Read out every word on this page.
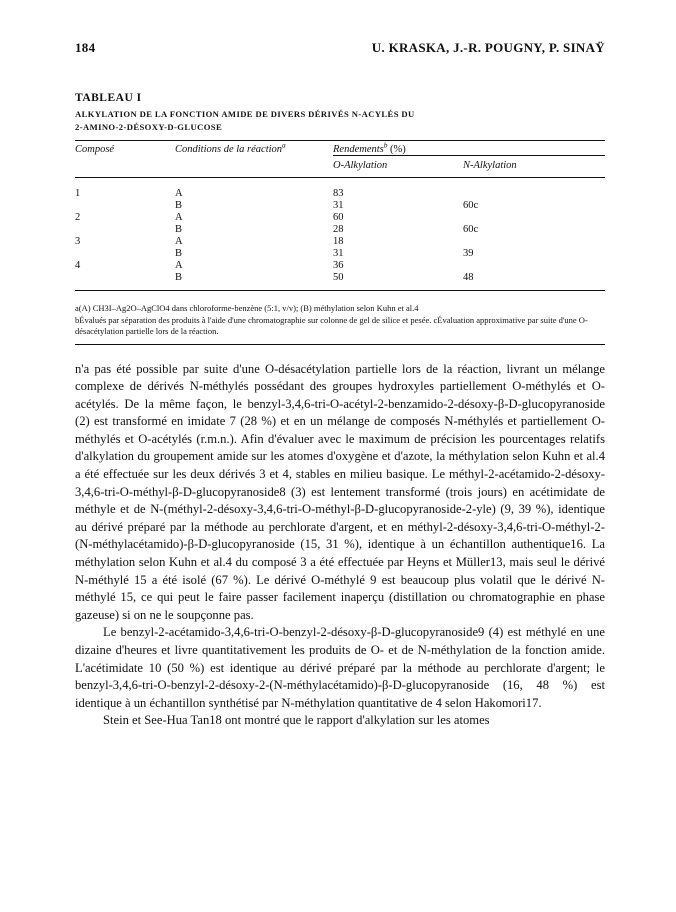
184	U. KRASKA, J.-R. POUGNY, P. SINAŸ
TABLEAU I
ALKYLATION DE LA FONCTION AMIDE DE DIVERS DÉRIVÉS N-ACYLÉS DU
2-AMINO-2-DÉSOXY-D-GLUCOSE
Composé	Conditions de la réaction$^a$	Rendements$^b$ (%)	
		O-Alkylation	N-Alkylation

1	A	83	
	B	31	60c
2	A	60	
	B	28	60c
3	A	18	
	B	31	39
4	A	36	
	B	50	48
a(A) CH3I–Ag2O–AgClO4 dans chloroforme-benzène (5:1, v/v); (B) méthylation selon Kuhn et al.4
bÉvalués par séparation des produits à l'aide d'une chromatographie sur colonne de gel de silice et pesée. cÉvaluation approximative par suite d'une O-désacétylation partielle lors de la réaction.

n'a pas été possible par suite d'une O-désacétylation partielle lors de la réaction, livrant un mélange complexe de dérivés N-méthylés possédant des groupes hydroxyles partiellement O-méthylés et O-acétylés. De la même façon, le benzyl-3,4,6-tri-O-acétyl-2-benzamido-2-désoxy-β-D-glucopyranoside (2) est transformé en imidate 7 (28 %) et en un mélange de composés N-méthylés et partiellement O-méthylés et O-acétylés (r.m.n.). Afin d'évaluer avec le maximum de précision les pourcentages relatifs d'alkylation du groupement amide sur les atomes d'oxygène et d'azote, la méthylation selon Kuhn et al.4 a été effectuée sur les deux dérivés 3 et 4, stables en milieu basique. Le méthyl-2-acétamido-2-désoxy-3,4,6-tri-O-méthyl-β-D-glucopyranoside8 (3) est lentement transformé (trois jours) en acétimidate de méthyle et de N-(méthyl-2-désoxy-3,4,6-tri-O-méthyl-β-D-glucopyranoside-2-yle) (9, 39 %), identique au dérivé préparé par la méthode au perchlorate d'argent, et en méthyl-2-désoxy-3,4,6-tri-O-méthyl-2-(N-méthylacétamido)-β-D-glucopyranoside (15, 31 %), identique à un échantillon authentique16. La méthylation selon Kuhn et al.4 du composé 3 a été effectuée par Heyns et Müller13, mais seul le dérivé N-méthylé 15 a été isolé (67 %). Le dérivé O-méthylé 9 est beaucoup plus volatil que le dérivé N-méthylé 15, ce qui peut le faire passer facilement inaperçu (distillation ou chromatographie en phase gazeuse) si on ne le soupçonne pas.

Le benzyl-2-acétamido-3,4,6-tri-O-benzyl-2-désoxy-β-D-glucopyranoside9 (4) est méthylé en une dizaine d'heures et livre quantitativement les produits de O- et de N-méthylation de la fonction amide. L'acétimidate 10 (50 %) est identique au dérivé préparé par la méthode au perchlorate d'argent; le benzyl-3,4,6-tri-O-benzyl-2-désoxy-2-(N-méthylacétamido)-β-D-glucopyranoside (16, 48 %) est identique à un échantillon synthétisé par N-méthylation quantitative de 4 selon Hakomori17.

Stein et See-Hua Tan18 ont montré que le rapport d'alkylation sur les atomes
